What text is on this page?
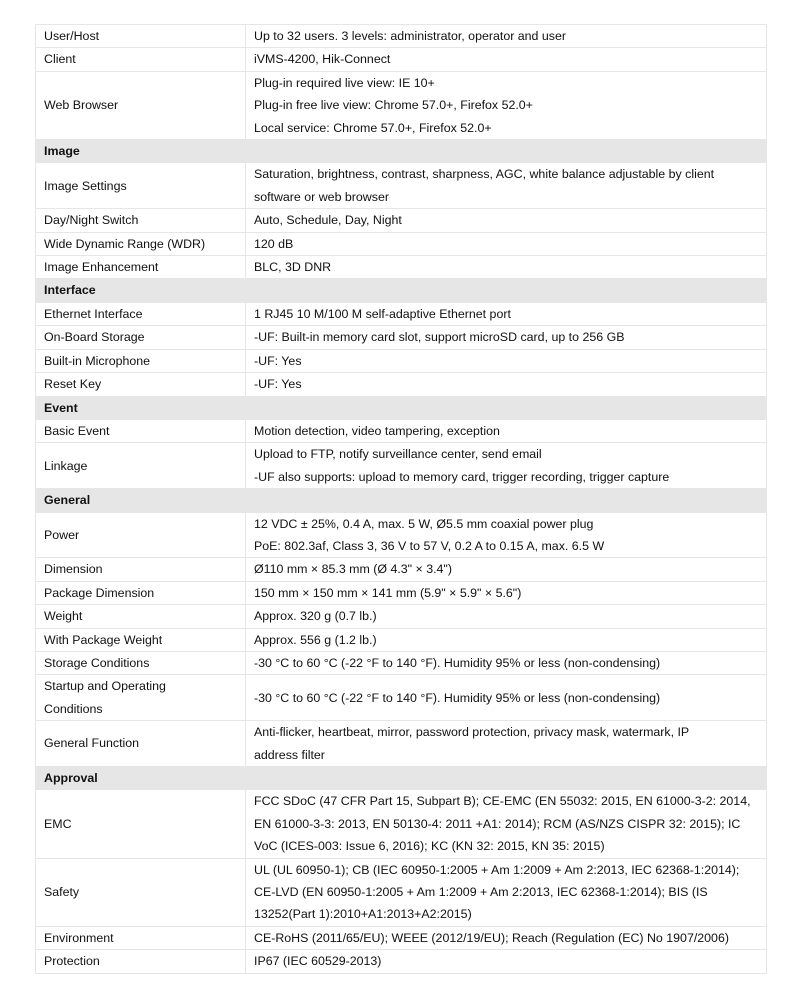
User/Host	Up to 32 users. 3 levels: administrator, operator and user

Client	iVMS-4200, Hik-Connect

Web Browser	Plug-in required live view: IE 10+
Plug-in free live view: Chrome 57.0+, Firefox 52.0+
Local service: Chrome 57.0+, Firefox 52.0+

Image	
Image Settings	Saturation, brightness, contrast, sharpness, AGC, white balance adjustable by client
software or web browser

Day/Night Switch	Auto, Schedule, Day, Night

Wide Dynamic Range (WDR)	120 dB

Image Enhancement	BLC, 3D DNR

Interface	
Ethernet Interface	1 RJ45 10 M/100 M self-adaptive Ethernet port

On-Board Storage	-UF: Built-in memory card slot, support microSD card, up to 256 GB

Built-in Microphone	-UF: Yes

Reset Key	-UF: Yes

Event	
Basic Event	Motion detection, video tampering, exception

Linkage	Upload to FTP, notify surveillance center, send email
-UF also supports: upload to memory card, trigger recording, trigger capture

General	
Power	12 VDC ± 25%, 0.4 A, max. 5 W, Ø5.5 mm coaxial power plug
PoE: 802.3af, Class 3, 36 V to 57 V, 0.2 A to 0.15 A, max. 6.5 W

Dimension	Ø110 mm × 85.3 mm (Ø 4.3" × 3.4")

Package Dimension	150 mm × 150 mm × 141 mm (5.9" × 5.9" × 5.6")

Weight	Approx. 320 g (0.7 lb.)

With Package Weight	Approx. 556 g (1.2 lb.)

Storage Conditions	-30 °C to 60 °C (-22 °F to 140 °F). Humidity 95% or less (non-condensing)

Startup and Operating
Conditions	-30 °C to 60 °C (-22 °F to 140 °F). Humidity 95% or less (non-condensing)

General Function	Anti-flicker, heartbeat, mirror, password protection, privacy mask, watermark, IP
address filter

Approval	
EMC	FCC SDoC (47 CFR Part 15, Subpart B); CE-EMC (EN 55032: 2015, EN 61000-3-2: 2014,
EN 61000-3-3: 2013, EN 50130-4: 2011 +A1: 2014); RCM (AS/NZS CISPR 32: 2015); IC
VoC (ICES-003: Issue 6, 2016); KC (KN 32: 2015, KN 35: 2015)

Safety	UL (UL 60950-1); CB (IEC 60950-1:2005 + Am 1:2009 + Am 2:2013, IEC 62368-1:2014);
CE-LVD (EN 60950-1:2005 + Am 1:2009 + Am 2:2013, IEC 62368-1:2014); BIS (IS
13252(Part 1):2010+A1:2013+A2:2015)

Environment	CE-RoHS (2011/65/EU); WEEE (2012/19/EU); Reach (Regulation (EC) No 1907/2006)

Protection	IP67 (IEC 60529-2013)
